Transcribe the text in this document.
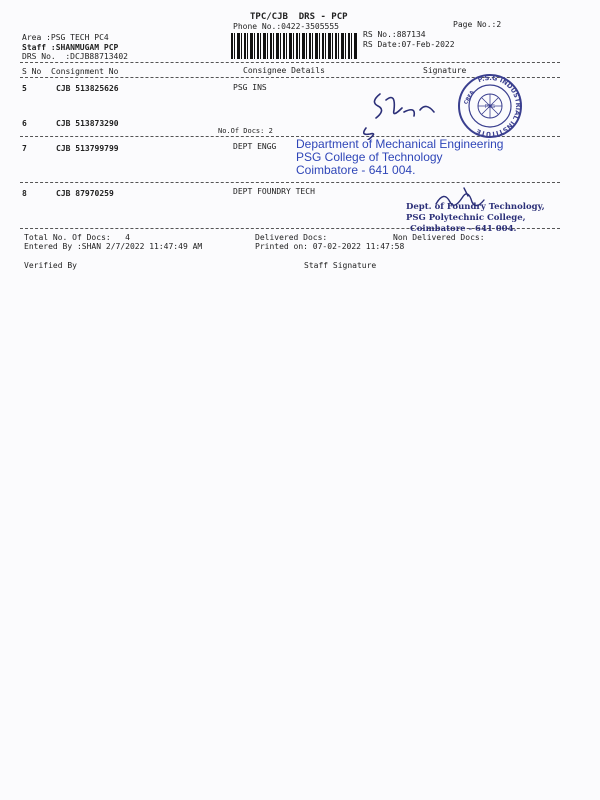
TPC/CJB  DRS - PCP
Phone No.:0422-3505555	Page No.:2
Area :PSG TECH PC4
Staff :SHANMUGAM PCP
DRS No.  :DCJB88713402
RS No.:887134
RS Date:07-Feb-2022
S No Consignment No	Consignee Details	Signature
5	CJB 513825626	PSG INS
6	CJB 513873290
No.Of Docs: 2
7	CJB 513799799	DEPT ENGG
8	CJB 87970259	DEPT FOUNDRY TECH
P.S.G INDUSTRIAL INSTITUTE
CBEA
PSG
Department of Mechanical Engineering
PSG College of Technology
Coimbatore - 641 004.
Dept. of Foundry Technology,
PSG Polytechnic College,
Coimbatore - 641 004.
Total No. Of Docs:   4	Delivered Docs:	Non Delivered Docs:
Entered By :SHAN 2/7/2022 11:47:49 AM	Printed on: 07-02-2022 11:47:58
Verified By	Staff Signature
